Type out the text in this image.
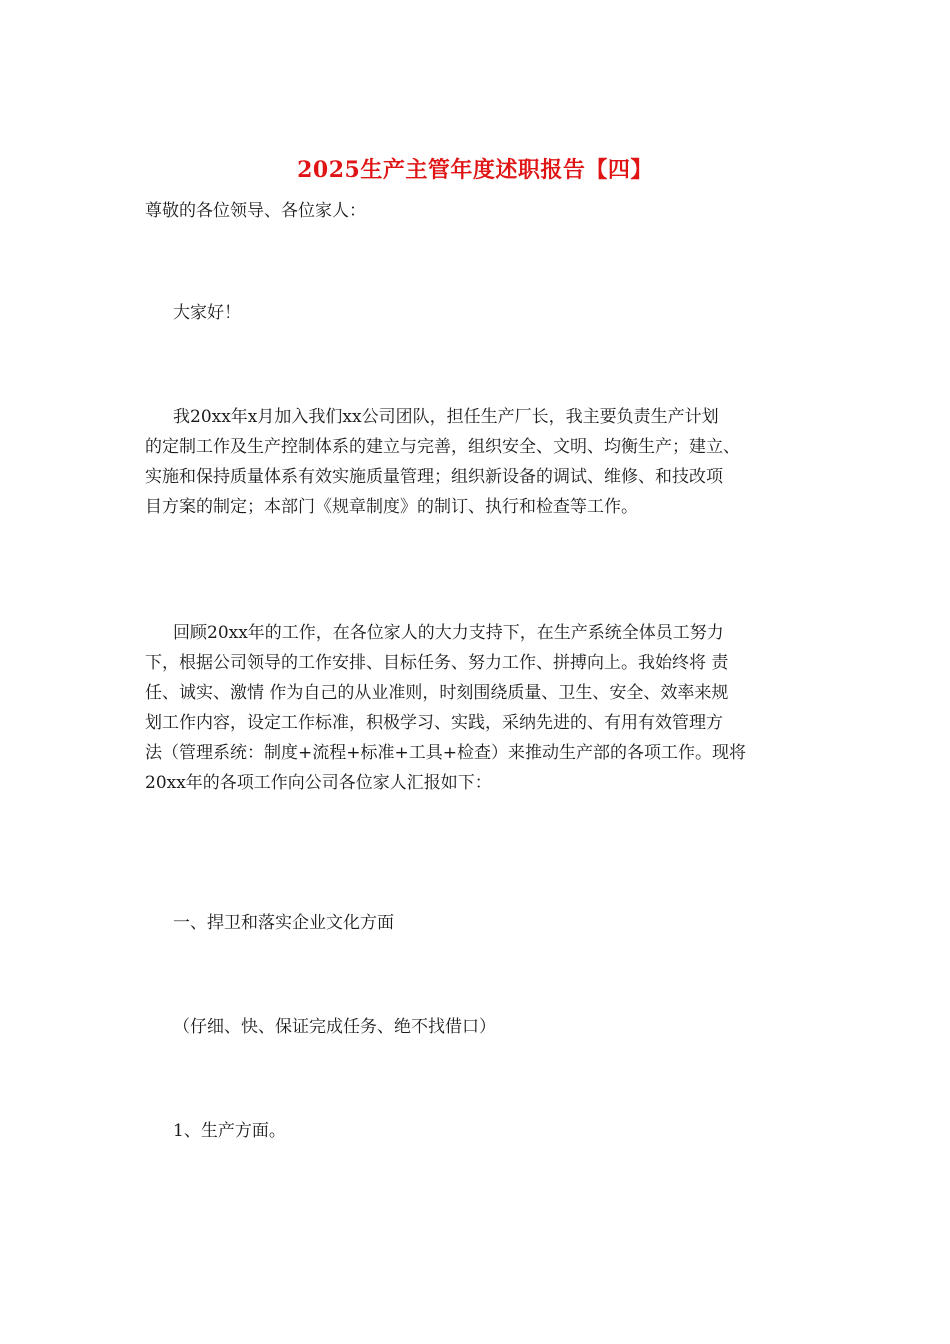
2025生产主管年度述职报告【四】
尊敬的各位领导、各位家人：
大家好！
我20xx年x月加入我们xx公司团队，担任生产厂长，我主要负责生产计划
的定制工作及生产控制体系的建立与完善，组织安全、文明、均衡生产；建立、
实施和保持质量体系有效实施质量管理；组织新设备的调试、维修、和技改项
目方案的制定；本部门《规章制度》的制订、执行和检查等工作。
回顾20xx年的工作，在各位家人的大力支持下，在生产系统全体员工努力
下，根据公司领导的工作安排、目标任务、努力工作、拼搏向上。我始终将 责
任、诚实、激情 作为自己的从业准则，时刻围绕质量、卫生、安全、效率来规
划工作内容，设定工作标准，积极学习、实践，采纳先进的、有用有效管理方
法（管理系统：制度+流程+标准+工具+检查）来推动生产部的各项工作。现将
20xx年的各项工作向公司各位家人汇报如下：
一、捍卫和落实企业文化方面
（仔细、快、保证完成任务、绝不找借口）
1、生产方面。
